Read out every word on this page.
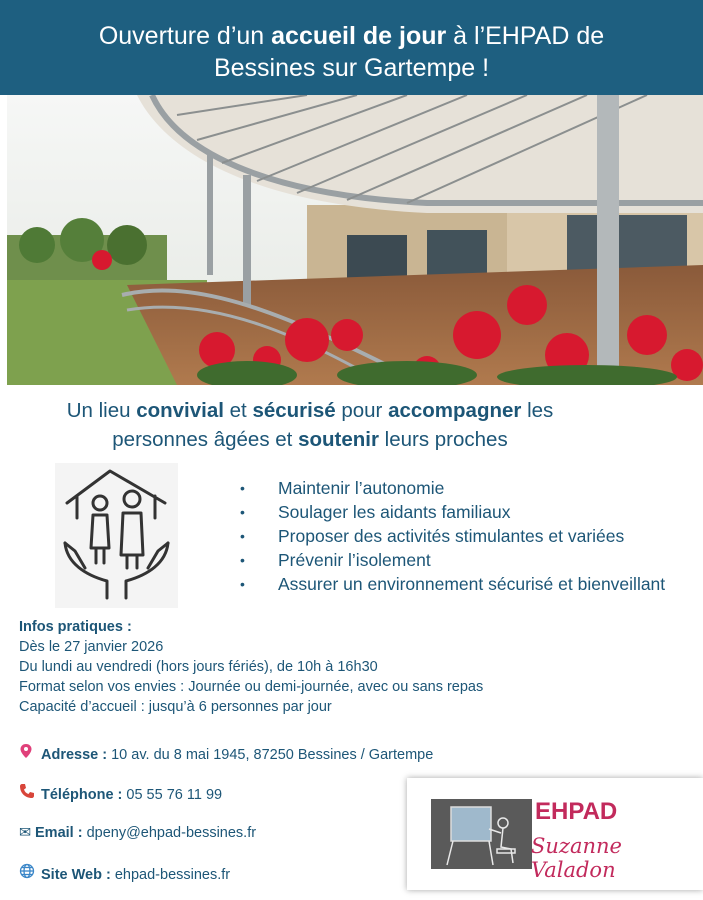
Ouverture d’un accueil de jour à l’EHPAD de
Bessines sur Gartempe !
Un lieu convivial et sécurisé pour accompagner les
personnes âgées et soutenir leurs proches
• Maintenir l’autonomie
• Soulager les aidants familiaux
• Proposer des activités stimulantes et variées
• Prévenir l’isolement
• Assurer un environnement sécurisé et bienveillant
Infos pratiques :
Dès le 27 janvier 2026
Du lundi au vendredi (hors jours fériés), de 10h à 16h30
Format selon vos envies : Journée ou demi-journée, avec ou sans repas
Capacité d’accueil : jusqu’à 6 personnes par jour
Adresse : 10 av. du 8 mai 1945, 87250 Bessines / Gartempe
Téléphone : 05 55 76 11 99
✉ Email : dpeny@ehpad-bessines.fr
Site Web : ehpad-bessines.fr
EHPAD
Suzanne Valadon
